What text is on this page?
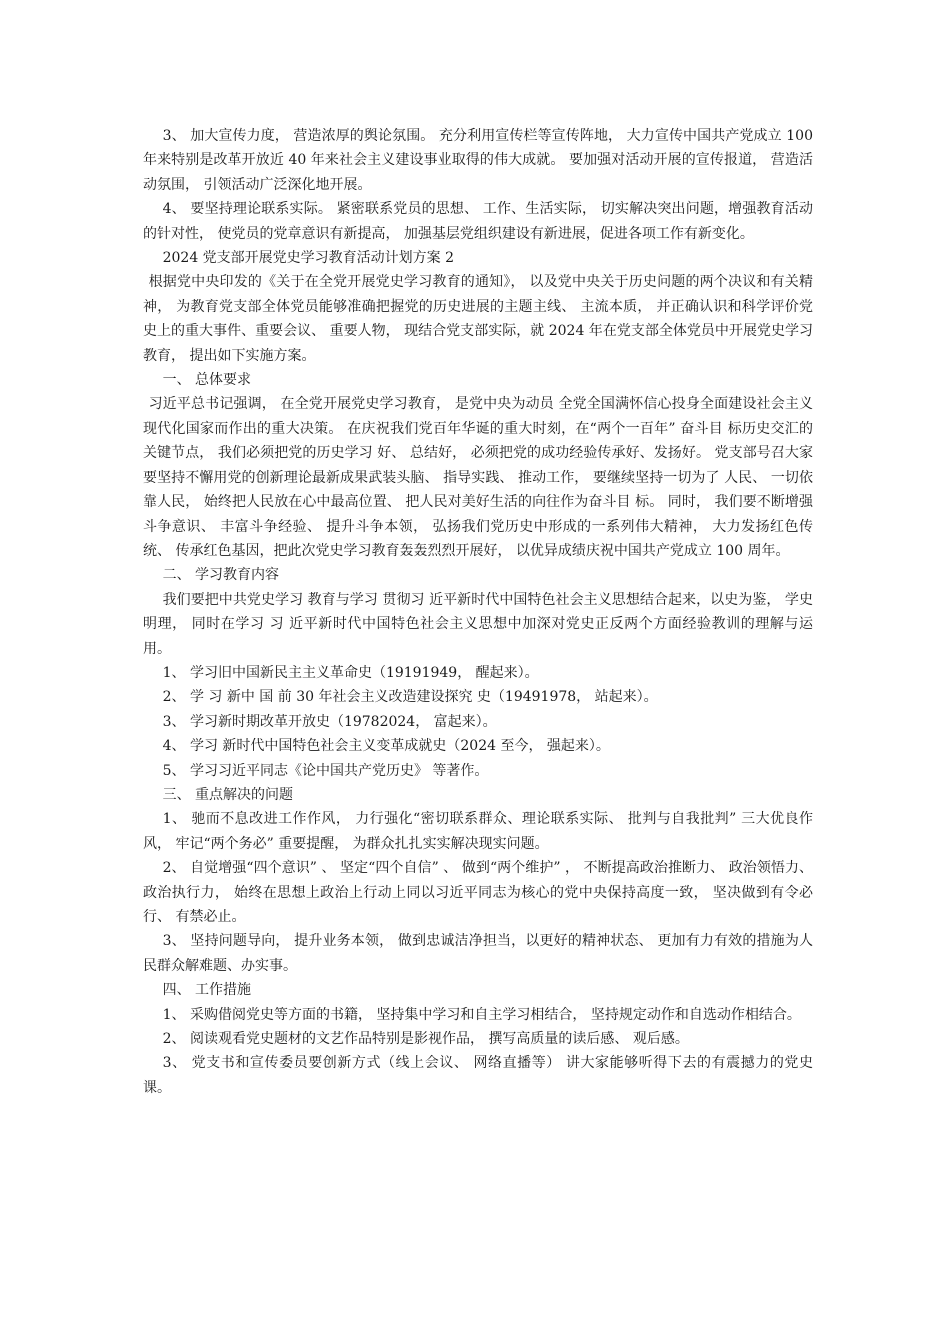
3、 加大宣传力度， 营造浓厚的舆论氛围。 充分利用宣传栏等宣传阵地， 大力宣传中国共产党成立 100 年来特别是改革开放近 40 年来社会主义建设事业取得的伟大成就。 要加强对活动开展的宣传报道， 营造活动氛围， 引领活动广泛深化地开展。

4、 要坚持理论联系实际。 紧密联系党员的思想、 工作、生活实际， 切实解决突出问题，增强教育活动的针对性， 使党员的党章意识有新提高， 加强基层党组织建设有新进展，促进各项工作有新变化。

2024 党支部开展党史学习教育活动计划方案 2

根据党中央印发的《关于在全党开展党史学习教育的通知》， 以及党中央关于历史问题的两个决议和有关精神， 为教育党支部全体党员能够准确把握党的历史进展的主题主线、 主流本质， 并正确认识和科学评价党史上的重大事件、重要会议、 重要人物， 现结合党支部实际，就 2024 年在党支部全体党员中开展党史学习教育， 提出如下实施方案。

一、 总体要求

习近平总书记强调， 在全党开展党史学习教育， 是党中央为动员 全党全国满怀信心投身全面建设社会主义现代化国家而作出的重大决策。 在庆祝我们党百年华诞的重大时刻，在“两个一百年” 奋斗目 标历史交汇的关键节点， 我们必须把党的历史学习 好、 总结好， 必须把党的成功经验传承好、发扬好。 党支部号召大家要坚持不懈用党的创新理论最新成果武装头脑、 指导实践、 推动工作， 要继续坚持一切为了 人民、 一切依靠人民， 始终把人民放在心中最高位置、 把人民对美好生活的向往作为奋斗目 标。 同时， 我们要不断增强斗争意识、 丰富斗争经验、 提升斗争本领， 弘扬我们党历史中形成的一系列伟大精神， 大力发扬红色传统、 传承红色基因，把此次党史学习教育轰轰烈烈开展好， 以优异成绩庆祝中国共产党成立 100 周年。

二、 学习教育内容

我们要把中共党史学习 教育与学习 贯彻习 近平新时代中国特色社会主义思想结合起来，以史为鉴， 学史明理， 同时在学习 习 近平新时代中国特色社会主义思想中加深对党史正反两个方面经验教训的理解与运用。

1、 学习旧中国新民主主义革命史（19191949， 醒起来）。

2、 学 习 新中 国 前 30 年社会主义改造建设探究 史（19491978， 站起来）。

3、 学习新时期改革开放史（19782024， 富起来）。

4、 学习 新时代中国特色社会主义变革成就史（2024 至今， 强起来）。

5、 学习习近平同志《论中国共产党历史》 等著作。

三、 重点解决的问题

1、 驰而不息改进工作作风， 力行强化“密切联系群众、理论联系实际、 批判与自我批判” 三大优良作风， 牢记“两个务必” 重要提醒， 为群众扎扎实实解决现实问题。

2、 自觉增强“四个意识” 、 坚定“四个自信” 、 做到“两个维护” ， 不断提高政治推断力、 政治领悟力、 政治执行力， 始终在思想上政治上行动上同以习近平同志为核心的党中央保持高度一致， 坚决做到有令必行、 有禁必止。

3、 坚持问题导向， 提升业务本领， 做到忠诚洁净担当，以更好的精神状态、 更加有力有效的措施为人民群众解难题、办实事。

四、 工作措施

1、 采购借阅党史等方面的书籍， 坚持集中学习和自主学习相结合， 坚持规定动作和自选动作相结合。

2、 阅读观看党史题材的文艺作品特别是影视作品， 撰写高质量的读后感、 观后感。

3、 党支书和宣传委员要创新方式（线上会议、 网络直播等） 讲大家能够听得下去的有震撼力的党史课。
